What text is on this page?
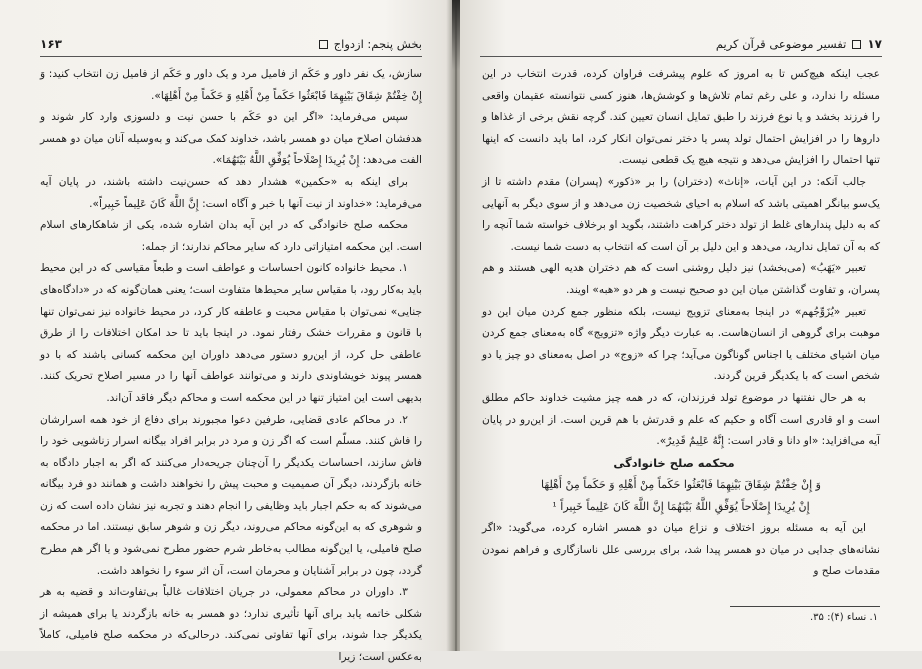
بخش پنجم: ازدواج
۱۶۳

سازش، یک نفر داور و حَکَم از فامیل مرد و یک داور و حَکَم از فامیل زن انتخاب کنید: وَ إِنْ خِفْتُمْ شِقَاقَ بَيْنِهِمَا فَابْعَثُوا حَكَماً مِنْ أَهْلِهِ وَ حَكَماً مِنْ أَهْلِهَا».

سپس می‌فرماید: «اگر این دو حَکَم با حسن نیت و دلسوزی وارد کار شوند و هدفشان اصلاح میان دو همسر باشد، خداوند کمک می‌کند و به‌وسیله آنان میان دو همسر الفت می‌دهد: إِنْ يُرِيدَا إِصْلَاحاً يُوَفِّقِ اللَّهُ بَيْنَهُمَا».

برای اینکه به «حکمین» هشدار دهد که حسن‌نیت داشته باشند، در پایان آیه می‌فرماید: «خداوند از نیت آنها با خبر و آگاه است: إِنَّ اللَّهَ كَانَ عَلِيماً خَبِيراً».

محکمه صلح خانوادگی که در این آیه بدان اشاره شده، یکی از شاهکارهای اسلام است. این محکمه امتیازاتی دارد که سایر محاکم ندارند؛ از جمله:

۱. محیط خانواده کانون احساسات و عواطف است و طبعاً مقیاسی که در این محیط باید به‌کار رود، با مقیاس سایر محیط‌ها متفاوت است؛ یعنی همان‌گونه که در «دادگاه‌های جنایی» نمی‌توان با مقیاس محبت و عاطفه کار کرد، در محیط خانواده نیز نمی‌توان تنها با قانون و مقررات خشک رفتار نمود. در اینجا باید تا حد امکان اختلافات را از طرق عاطفی حل کرد، از این‌رو دستور می‌دهد داوران این محکمه کسانی باشند که با دو همسر پیوند خویشاوندی دارند و می‌توانند عواطف آنها را در مسیر اصلاح تحریک کنند. بدیهی است این امتیاز تنها در این محکمه است و محاکم دیگر فاقد آن‌اند.

۲. در محاکم عادی قضایی، طرفین دعوا مجبورند برای دفاع از خود همه اسرارشان را فاش کنند. مسلّم است که اگر زن و مرد در برابر افراد بیگانه اسرار زناشویی خود را فاش سازند، احساسات یکدیگر را آن‌چنان جریحه‌دار می‌کنند که اگر به اجبار دادگاه به خانه بازگردند، دیگر آن صمیمیت و محبت پیش را نخواهند داشت و همانند دو فرد بیگانه می‌شوند که به حکم اجبار باید وظایفی را انجام دهند و تجربه نیز نشان داده است که زن و شوهری که به این‌گونه محاکم می‌روند، دیگر زن و شوهر سابق نیستند. اما در محکمه صلح فامیلی، یا این‌گونه مطالب به‌خاطر شرم حضور مطرح نمی‌شود و یا اگر هم مطرح گردد، چون در برابر آشنایان و محرمان است، آن اثر سوء را نخواهد داشت.

۳. داوران در محاکم معمولی، در جریان اختلافات غالباً بی‌تفاوت‌اند و قضیه به هر شکلی خاتمه یابد برای آنها تأثیری ندارد؛ دو همسر به خانه بازگردند یا برای همیشه از یکدیگر جدا شوند، برای آنها تفاوتی نمی‌کند. درحالی‌که در محکمه صلح فامیلی، کاملاً به‌عکس است؛ زیرا

۱۷
تفسیر موضوعی قرآن کریم

عجب اینکه هیچ‌کس تا به امروز که علوم پیشرفت فراوان کرده، قدرت انتخاب در این مسئله را ندارد، و علی رغم تمام تلاش‌ها و کوشش‌ها، هنوز کسی نتوانسته عقیمان واقعی را فرزند بخشد و یا نوع فرزند را طبق تمایل انسان تعیین کند. گرچه نقش برخی از غذاها و داروها را در افزایش احتمال تولد پسر یا دختر نمی‌توان انکار کرد، اما باید دانست که اینها تنها احتمال را افزایش می‌دهد و نتیجه هیچ یک قطعی نیست.

جالب آنکه: در این آیات، «إناث» (دختران) را بر «ذکور» (پسران) مقدم داشته تا از یک‌سو بیانگر اهمیتی باشد که اسلام به احیای شخصیت زن می‌دهد و از سوی دیگر به آنهایی که به دلیل پندارهای غلط از تولد دختر کراهت داشتند، بگوید او برخلاف خواسته شما آنچه را که به آن تمایل ندارید، می‌دهد و این دلیل بر آن است که انتخاب به دست شما نیست.

تعبیر «یَهَبُ» (می‌بخشد) نیز دلیل روشنی است که هم دختران هدیه الهی هستند و هم پسران، و تفاوت گذاشتن میان این دو صحیح نیست و هر دو «هبه» اویند.

تعبیر «یُزَوِّجُهم» در اینجا به‌معنای تزویج نیست، بلکه منظور جمع کردن میان این دو موهبت برای گروهی از انسان‌هاست. به عبارت دیگر واژه «تزویج» گاه به‌معنای جمع کردن میان اشیای مختلف یا اجناس گوناگون می‌آید؛ چرا که «زوج» در اصل به‌معنای دو چیز یا دو شخص است که با یکدیگر قرین گردند.

به هر حال نفتنها در موضوع تولد فرزندان، که در همه چیز مشیت خداوند حاکم مطلق است و او قادری است آگاه و حکیم که علم و قدرتش با هم قرین است. از این‌رو در پایان آیه می‌افزاید: «او دانا و قادر است: إِنَّهُ عَلِيمٌ قَدِيرٌ».

محکمه صلح خانوادگی

وَ إِنْ خِفْتُمْ شِقَاقَ بَيْنِهِمَا فَابْعَثُوا حَكَماً مِنْ أَهْلِهِ وَ حَكَماً مِنْ أَهْلِهَا

إِنْ يُرِيدَا إِصْلَاحاً يُوَفِّقِ اللَّهُ بَيْنَهُمَا إِنَّ اللَّهَ كَانَ عَلِيماً خَبِيراً ¹

این آیه به مسئله بروز اختلاف و نزاع میان دو همسر اشاره کرده، می‌گوید: «اگر نشانه‌های جدایی در میان دو همسر پیدا شد، برای بررسی علل ناسازگاری و فراهم نمودن مقدمات صلح و

۱. نساء (۴): ۳۵.
